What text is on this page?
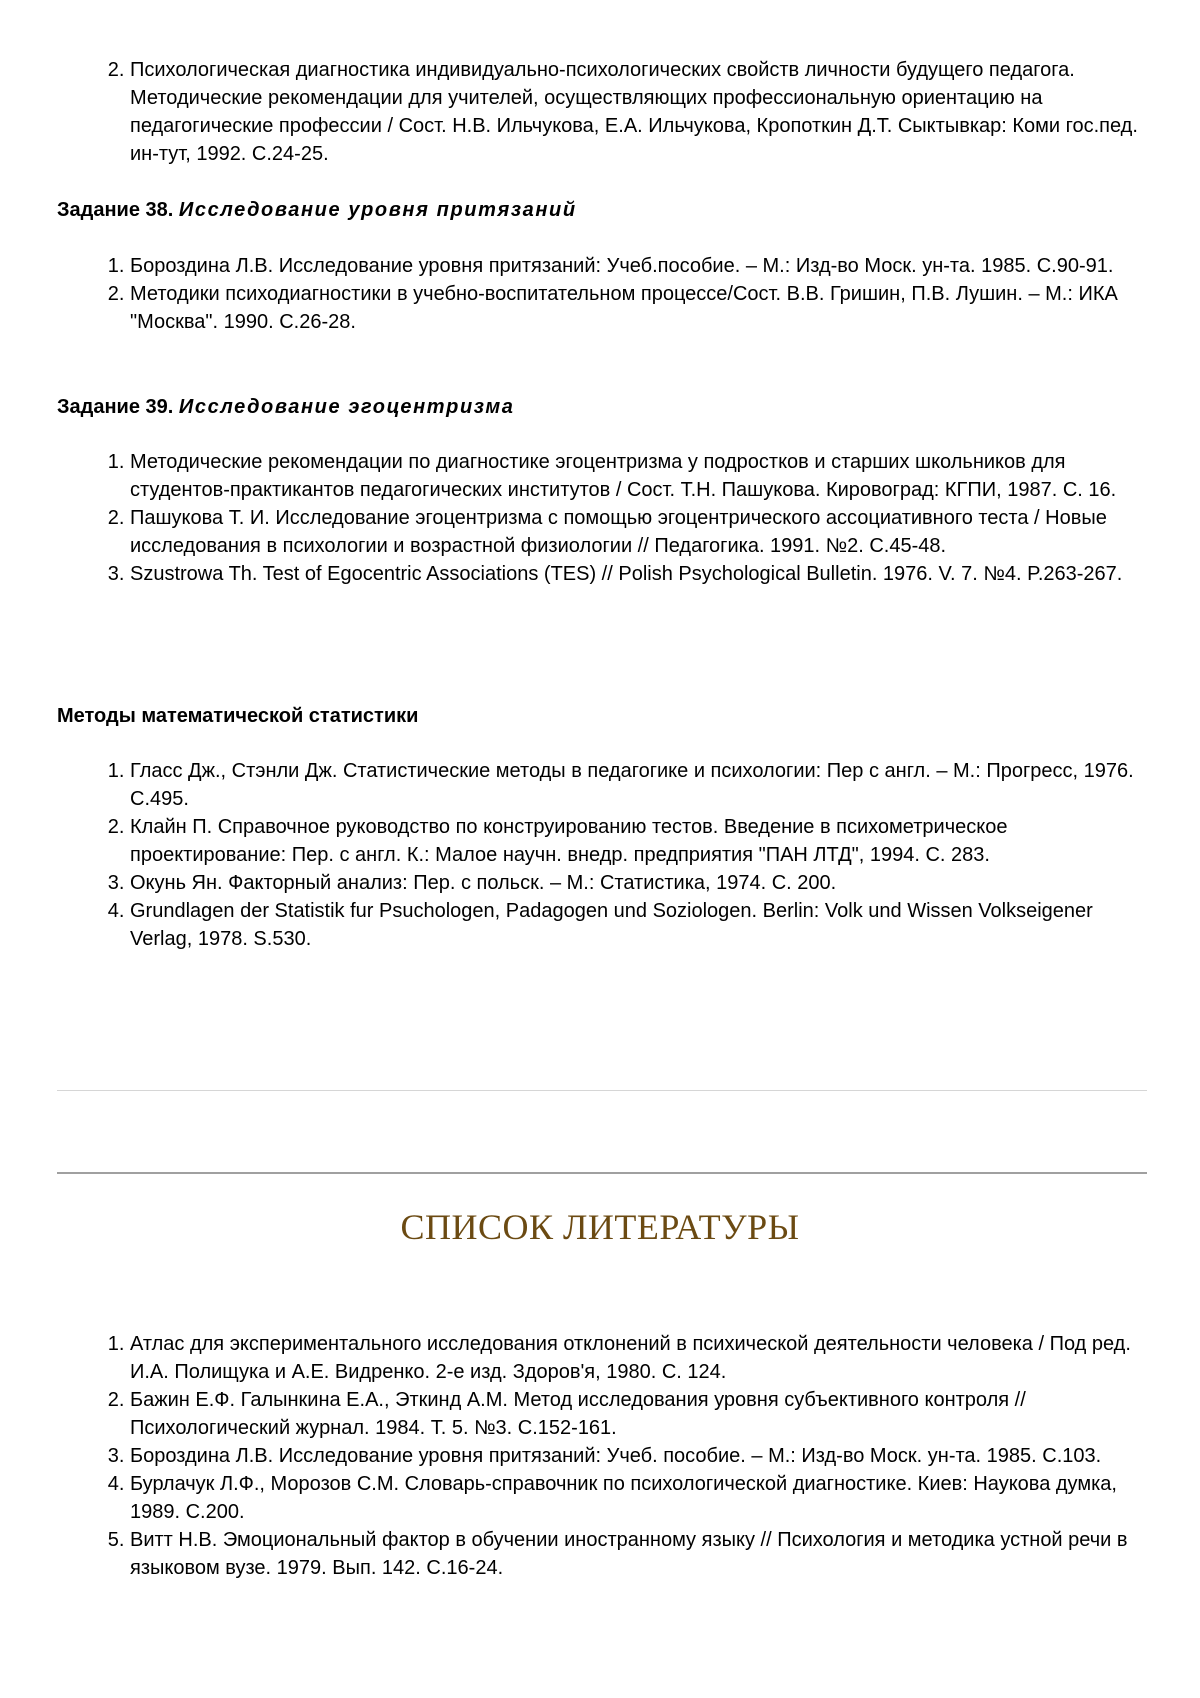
2. Психологическая диагностика индивидуально-психологических свойств личности будущего педагога. Методические рекомендации для учителей, осуществляющих профессиональную ориентацию на педагогические профессии / Сост. Н.В. Ильчукова, Е.А. Ильчукова, Кропоткин Д.Т. Сыктывкар: Коми гос.пед. ин-тут, 1992. С.24-25.
Задание 38. Исследование уровня притязаний
1. Бороздина Л.В. Исследование уровня притязаний: Учеб.пособие. – М.: Изд-во Моск. ун-та. 1985. С.90-91.
2. Методики психодиагностики в учебно-воспитательном процессе/Сост. В.В. Гришин, П.В. Лушин. – М.: ИКА "Москва". 1990. С.26-28.
Задание 39. Исследование эгоцентризма
1. Методические рекомендации по диагностике эгоцентризма у подростков и старших школьников для студентов-практикантов педагогических институтов / Сост. Т.Н. Пашукова. Кировоград: КГПИ, 1987. С. 16.
2. Пашукова Т. И. Исследование эгоцентризма с помощью эгоцентрического ассоциативного теста / Новые исследования в психологии и возрастной физиологии // Педагогика. 1991. №2. С.45-48.
3. Szustrowa Th. Test of Egocentric Associations (TES) // Polish Psychological Bulletin. 1976. V. 7. №4. P.263-267.
Методы математической статистики
1. Гласс Дж., Стэнли Дж. Статистические методы в педагогике и психологии: Пер с англ. – М.: Прогресс, 1976. С.495.
2. Клайн П. Справочное руководство по конструированию тестов. Введение в психометрическое проектирование: Пер. с англ. К.: Малое научн. внедр. предприятия "ПАН ЛТД", 1994. С. 283.
3. Окунь Ян. Факторный анализ: Пер. с польск. – М.: Статистика, 1974. С. 200.
4. Grundlagen der Statistik fur Psuchologen, Padagogen und Soziologen. Berlin: Volk und Wissen Volkseigener Verlag, 1978. S.530.
СПИСОК ЛИТЕРАТУРЫ
1. Атлас для экспериментального исследования отклонений в психической деятельности человека / Под ред. И.А. Полищука и А.Е. Видренко. 2-е изд. Здоров'я, 1980. С. 124.
2. Бажин Е.Ф. Галынкина Е.А., Эткинд А.М. Метод исследования уровня субъективного контроля // Психологический журнал. 1984. Т. 5. №3. С.152-161.
3. Бороздина Л.В. Исследование уровня притязаний: Учеб. пособие. – М.: Изд-во Моск. ун-та. 1985. С.103.
4. Бурлачук Л.Ф., Морозов С.М. Словарь-справочник по психологической диагностике. Киев: Наукова думка, 1989. С.200.
5. Витт Н.В. Эмоциональный фактор в обучении иностранному языку // Психология и методика устной речи в языковом вузе. 1979. Вып. 142. С.16-24.
